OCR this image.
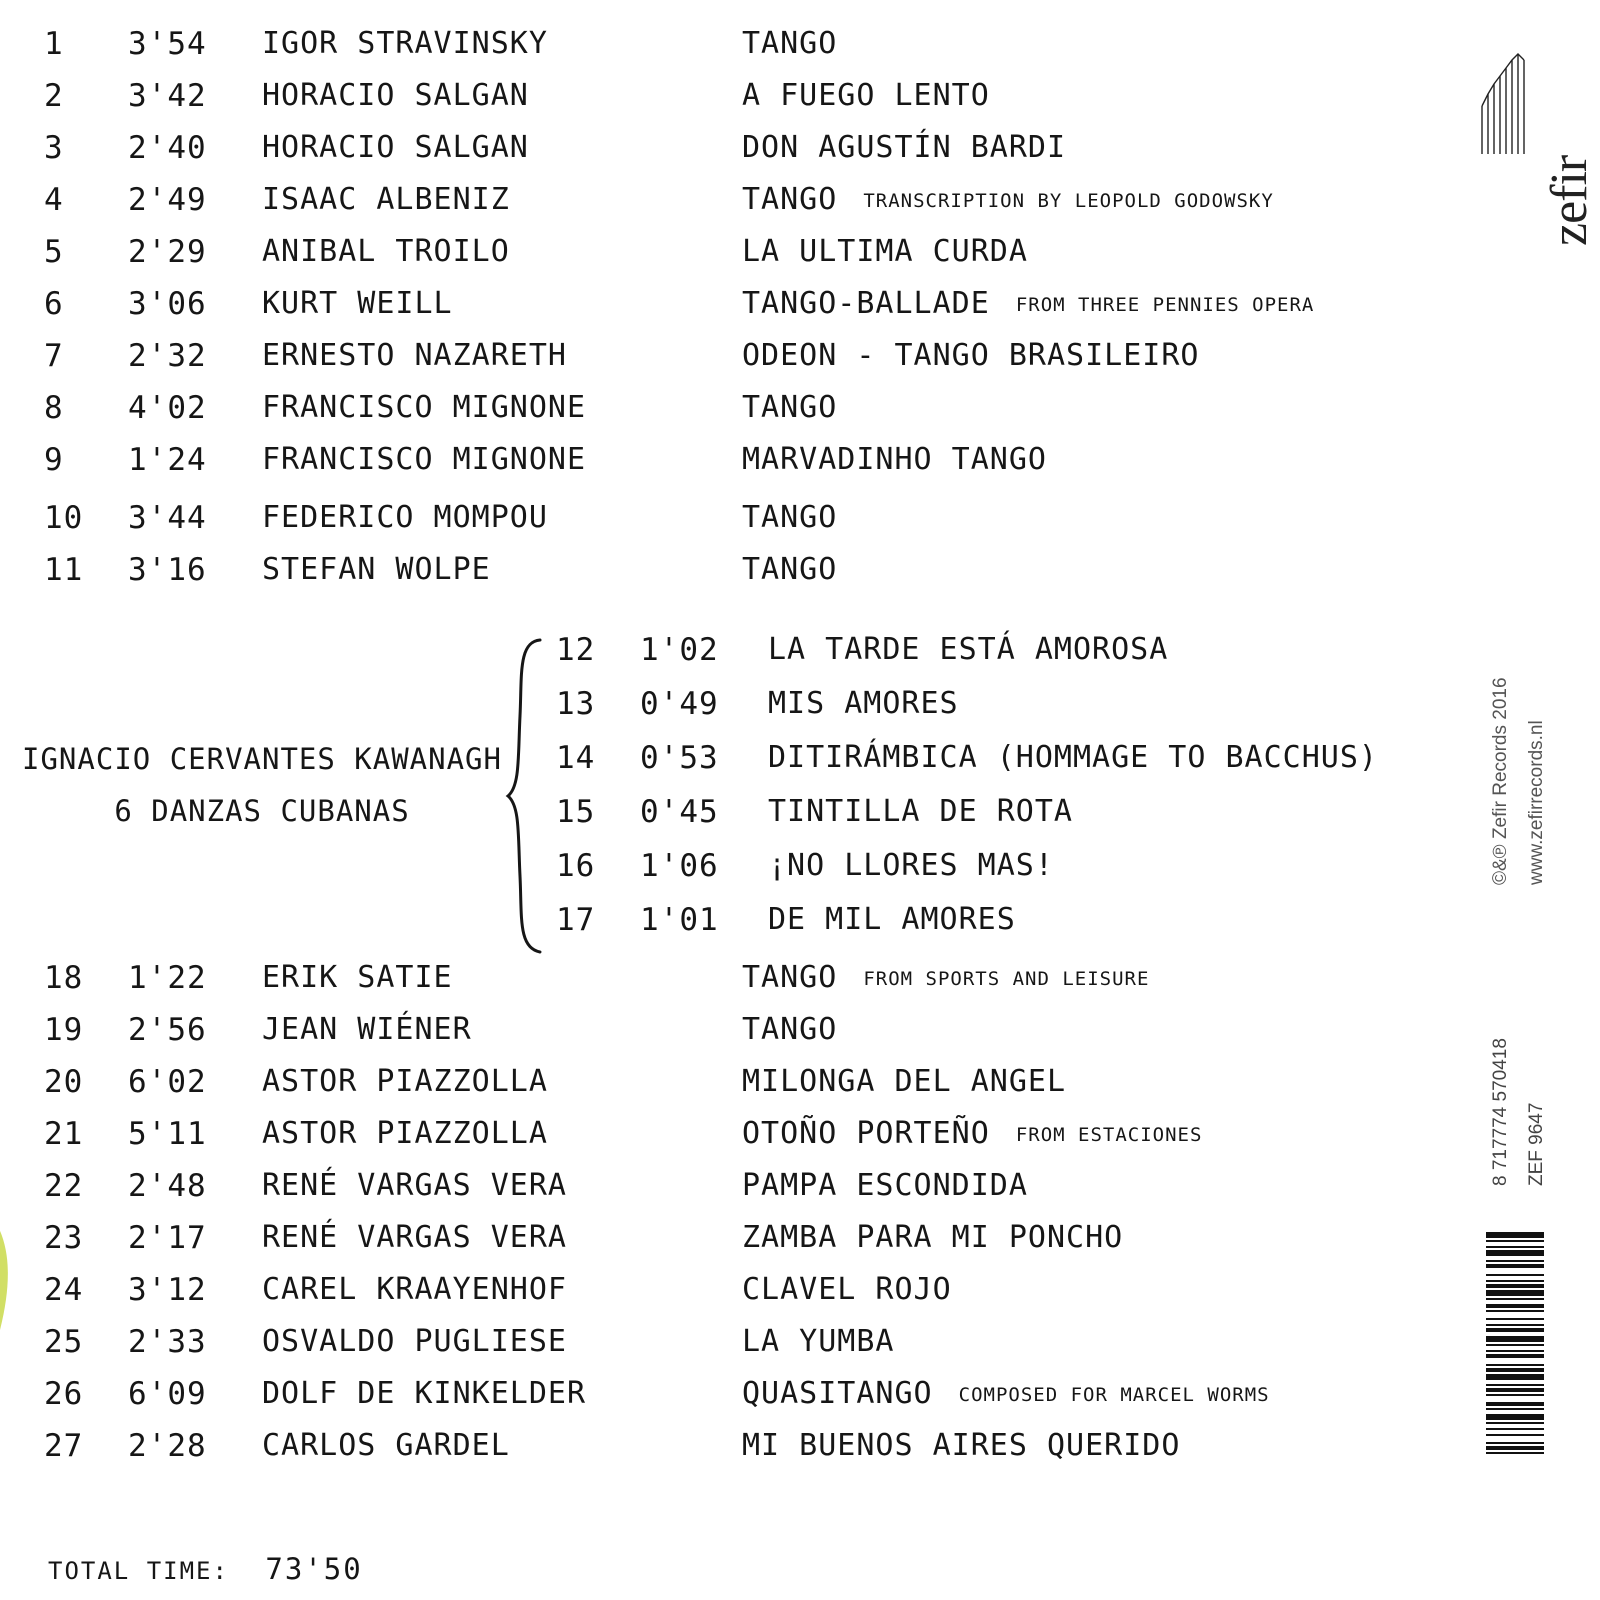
1 3'54 IGOR STRAVINSKY	TANGO
2 3'42 HORACIO SALGAN	A FUEGO LENTO
3 2'40 HORACIO SALGAN	DON AGUSTÍN BARDI
4 2'49 ISAAC ALBENIZ	TANGO TRANSCRIPTION BY LEOPOLD GODOWSKY
5 2'29 ANIBAL TROILO	LA ULTIMA CURDA
6 3'06 KURT WEILL	TANGO-BALLADE FROM THREE PENNIES OPERA
7 2'32 ERNESTO NAZARETH	ODEON - TANGO BRASILEIRO
8 4'02 FRANCISCO MIGNONE	TANGO
9 1'24 FRANCISCO MIGNONE	MARVADINHO TANGO
10 3'44 FEDERICO MOMPOU	TANGO
11 3'16 STEFAN WOLPE	TANGO
IGNACIO CERVANTES KAWANAGH
6 DANZAS CUBANAS
12 1'02 LA TARDE ESTÁ AMOROSA
13 0'49 MIS AMORES
14 0'53 DITIRÁMBICA (HOMMAGE TO BACCHUS)
15 0'45 TINTILLA DE ROTA
16 1'06 ¡NO LLORES MAS!
17 1'01 DE MIL AMORES
18 1'22 ERIK SATIE	TANGO FROM SPORTS AND LEISURE
19 2'56 JEAN WIÉNER	TANGO
20 6'02 ASTOR PIAZZOLLA	MILONGA DEL ANGEL
21 5'11 ASTOR PIAZZOLLA	OTOÑO PORTEÑO FROM ESTACIONES
22 2'48 RENÉ VARGAS VERA	PAMPA ESCONDIDA
23 2'17 RENÉ VARGAS VERA	ZAMBA PARA MI PONCHO
24 3'12 CAREL KRAAYENHOF	CLAVEL ROJO
25 2'33 OSVALDO PUGLIESE	LA YUMBA
26 6'09 DOLF DE KINKELDER	QUASITANGO COMPOSED FOR MARCEL WORMS
27 2'28 CARLOS GARDEL	MI BUENOS AIRES QUERIDO
TOTAL TIME: 73'50
zefir
©&℗ Zefir Records 2016 www.zefirrecords.nl
8 717774 570418 ZEF 9647
